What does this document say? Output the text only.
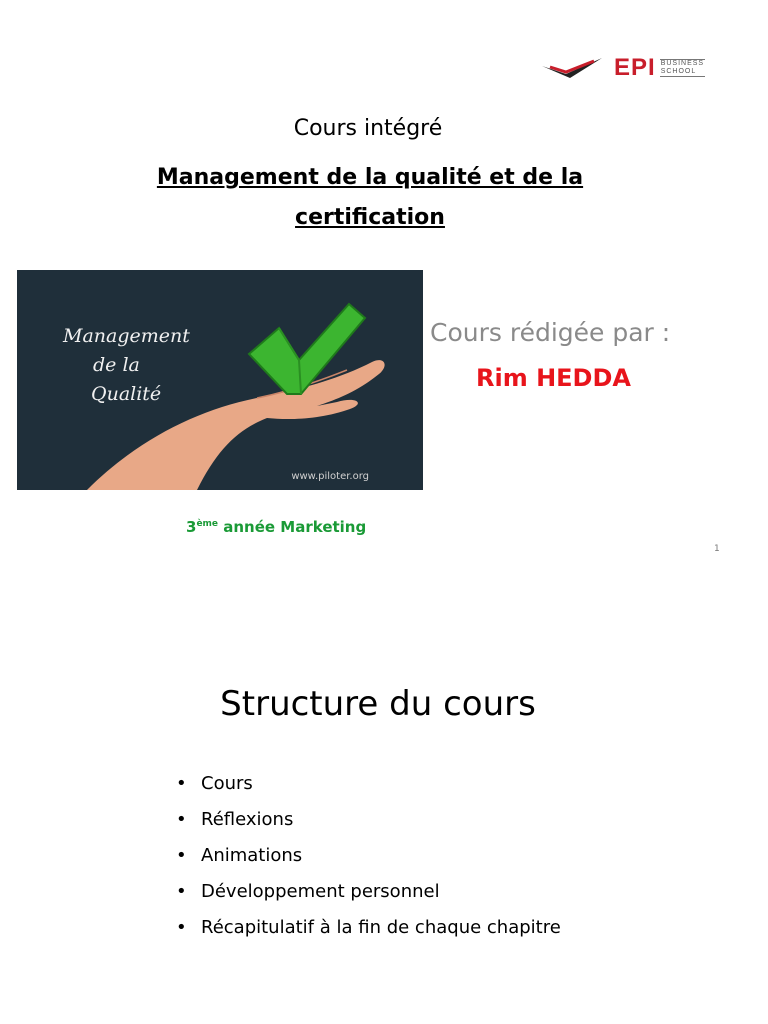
EPI BUSINESS
SCHOOL
Cours intégré
Management de la qualité et de la certification
Management
de la
Qualité
www.piloter.org
Cours rédigée par :
Rim HEDDA
3ème année Marketing
1
Structure du cours
• Cours
• Réflexions
• Animations
• Développement personnel
• Récapitulatif à la fin de chaque chapitre
